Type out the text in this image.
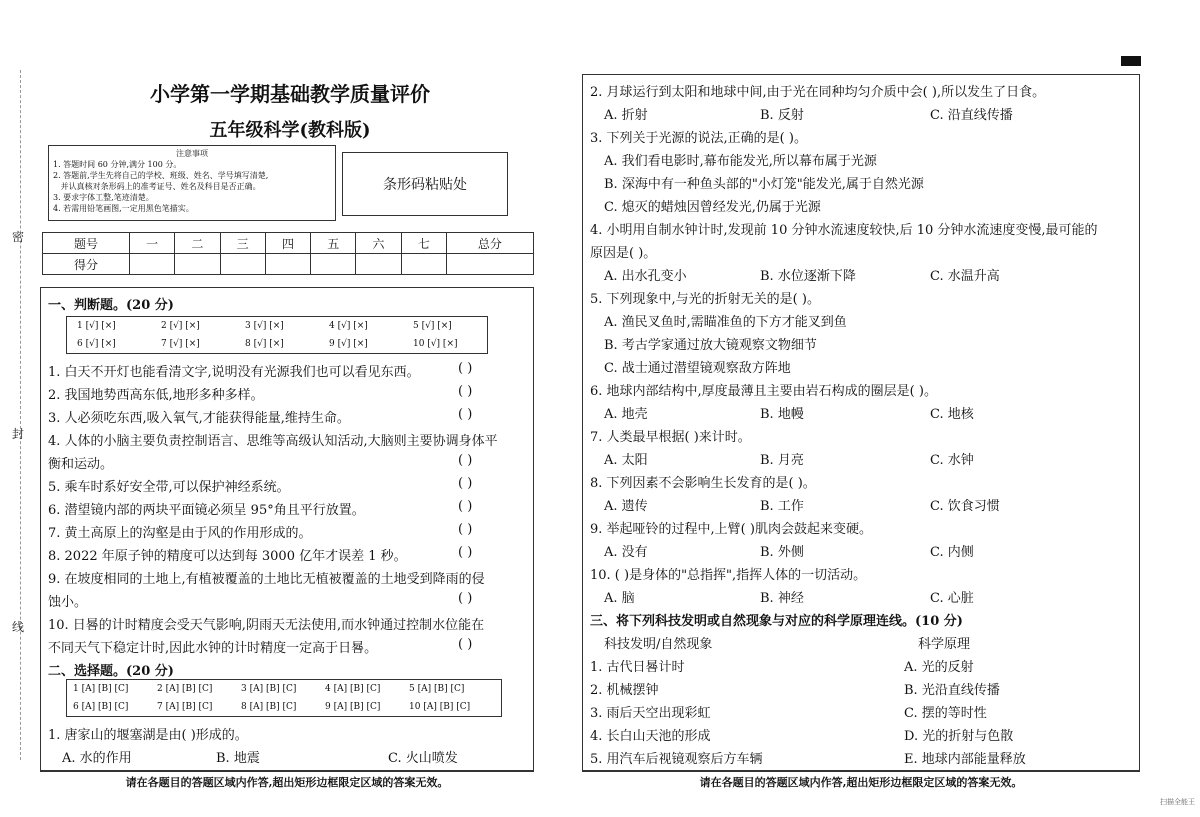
密
封
线
小学第一学期基础教学质量评价
五年级科学(教科版)
注意事项
1. 答题时间 60 分钟,满分 100 分。
2. 答题前,学生先将自己的学校、班级、姓名、学号填写清楚,
并认真核对条形码上的准考证号、姓名及科目是否正确。
3. 要求字体工整,笔迹清楚。
4. 若需用铅笔画图,一定用黑色笔描实。
条形码粘贴处
题号	一	二	三	四	五	六	七	总分
得分								
一、判断题。(20 分)
1 [√] [×]	2 [√] [×]	3 [√] [×]	4 [√] [×]	5 [√] [×]
6 [√] [×]	7 [√] [×]	8 [√] [×]	9 [√] [×]	10 [√] [×]
1. 白天不开灯也能看清文字,说明没有光源我们也可以看见东西。	( )
2. 我国地势西高东低,地形多种多样。	( )
3. 人必须吃东西,吸入氧气,才能获得能量,维持生命。	( )
4. 人体的小脑主要负责控制语言、思维等高级认知活动,大脑则主要协调身体平
衡和运动。	( )
5. 乘车时系好安全带,可以保护神经系统。	( )
6. 潜望镜内部的两块平面镜必须呈 95°角且平行放置。	( )
7. 黄土高原上的沟壑是由于风的作用形成的。	( )
8. 2022 年原子钟的精度可以达到每 3000 亿年才误差 1 秒。	( )
9. 在坡度相同的土地上,有植被覆盖的土地比无植被覆盖的土地受到降雨的侵
蚀小。	( )
10. 日晷的计时精度会受天气影响,阴雨天无法使用,而水钟通过控制水位能在
不同天气下稳定计时,因此水钟的计时精度一定高于日晷。	( )
二、选择题。(20 分)
1 [A] [B] [C]	2 [A] [B] [C]	3 [A] [B] [C]	4 [A] [B] [C]	5 [A] [B] [C]
6 [A] [B] [C]	7 [A] [B] [C]	8 [A] [B] [C]	9 [A] [B] [C]	10 [A] [B] [C]
1. 唐家山的堰塞湖是由( )形成的。
A. 水的作用	B. 地震	C. 火山喷发
请在各题目的答题区域内作答,超出矩形边框限定区域的答案无效。
2. 月球运行到太阳和地球中间,由于光在同种均匀介质中会( ),所以发生了日食。
A. 折射	B. 反射	C. 沿直线传播
3. 下列关于光源的说法,正确的是( )。
A. 我们看电影时,幕布能发光,所以幕布属于光源
B. 深海中有一种鱼头部的"小灯笼"能发光,属于自然光源
C. 熄灭的蜡烛因曾经发光,仍属于光源
4. 小明用自制水钟计时,发现前 10 分钟水流速度较快,后 10 分钟水流速度变慢,最可能的
原因是( )。
A. 出水孔变小	B. 水位逐渐下降	C. 水温升高
5. 下列现象中,与光的折射无关的是( )。
A. 渔民叉鱼时,需瞄准鱼的下方才能叉到鱼
B. 考古学家通过放大镜观察文物细节
C. 战士通过潜望镜观察敌方阵地
6. 地球内部结构中,厚度最薄且主要由岩石构成的圈层是( )。
A. 地壳	B. 地幔	C. 地核
7. 人类最早根据( )来计时。
A. 太阳	B. 月亮	C. 水钟
8. 下列因素不会影响生长发育的是( )。
A. 遗传	B. 工作	C. 饮食习惯
9. 举起哑铃的过程中,上臂( )肌肉会鼓起来变硬。
A. 没有	B. 外侧	C. 内侧
10. ( )是身体的"总指挥",指挥人体的一切活动。
A. 脑	B. 神经	C. 心脏
三、将下列科技发明或自然现象与对应的科学原理连线。(10 分)
科技发明/自然现象	科学原理
1. 古代日晷计时	A. 光的反射
2. 机械摆钟	B. 光沿直线传播
3. 雨后天空出现彩虹	C. 摆的等时性
4. 长白山天池的形成	D. 光的折射与色散
5. 用汽车后视镜观察后方车辆	E. 地球内部能量释放
请在各题目的答题区域内作答,超出矩形边框限定区域的答案无效。
扫描全能王
